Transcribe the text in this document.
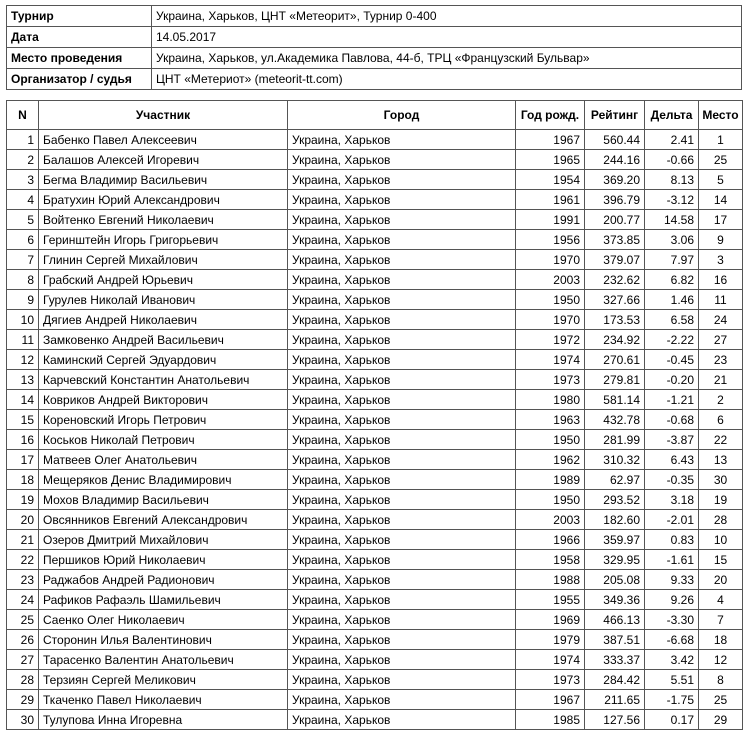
Турнир	Украина, Харьков, ЦНТ «Метеорит», Турнир 0-400
Дата	14.05.2017
Место проведения	Украина, Харьков, ул.Академика Павлова, 44-б, ТРЦ «Французский Бульвар»
Организатор / судья	ЦНТ «Метериот» (meteorit-tt.com)
N	Участник	Город	Год рожд.	Рейтинг	Дельта	Место
1	Бабенко Павел Алексеевич	Украина, Харьков	1967	560.44	2.41	1
2	Балашов Алексей Игоревич	Украина, Харьков	1965	244.16	-0.66	25
3	Бегма Владимир Васильевич	Украина, Харьков	1954	369.20	8.13	5
4	Братухин Юрий Александрович	Украина, Харьков	1961	396.79	-3.12	14
5	Войтенко Евгений Николаевич	Украина, Харьков	1991	200.77	14.58	17
6	Геринштейн Игорь Григорьевич	Украина, Харьков	1956	373.85	3.06	9
7	Глинин Сергей Михайлович	Украина, Харьков	1970	379.07	7.97	3
8	Грабский Андрей Юрьевич	Украина, Харьков	2003	232.62	6.82	16
9	Гурулев Николай Иванович	Украина, Харьков	1950	327.66	1.46	11
10	Дягиев Андрей Николаевич	Украина, Харьков	1970	173.53	6.58	24
11	Замковенко Андрей Васильевич	Украина, Харьков	1972	234.92	-2.22	27
12	Каминский Сергей Эдуардович	Украина, Харьков	1974	270.61	-0.45	23
13	Карчевский Константин Анатольевич	Украина, Харьков	1973	279.81	-0.20	21
14	Ковриков Андрей Викторович	Украина, Харьков	1980	581.14	-1.21	2
15	Кореновский Игорь Петрович	Украина, Харьков	1963	432.78	-0.68	6
16	Коськов Николай Петрович	Украина, Харьков	1950	281.99	-3.87	22
17	Матвеев Олег Анатольевич	Украина, Харьков	1962	310.32	6.43	13
18	Мещеряков Денис Владимирович	Украина, Харьков	1989	62.97	-0.35	30
19	Мохов Владимир Васильевич	Украина, Харьков	1950	293.52	3.18	19
20	Овсянников Евгений Александрович	Украина, Харьков	2003	182.60	-2.01	28
21	Озеров Дмитрий Михайлович	Украина, Харьков	1966	359.97	0.83	10
22	Першиков Юрий Николаевич	Украина, Харьков	1958	329.95	-1.61	15
23	Раджабов Андрей Радионович	Украина, Харьков	1988	205.08	9.33	20
24	Рафиков Рафаэль Шамильевич	Украина, Харьков	1955	349.36	9.26	4
25	Саенко Олег Николаевич	Украина, Харьков	1969	466.13	-3.30	7
26	Сторонин Илья Валентинович	Украина, Харьков	1979	387.51	-6.68	18
27	Тарасенко Валентин Анатольевич	Украина, Харьков	1974	333.37	3.42	12
28	Терзиян Сергей Меликович	Украина, Харьков	1973	284.42	5.51	8
29	Ткаченко Павел Николаевич	Украина, Харьков	1967	211.65	-1.75	25
30	Тулупова Инна Игоревна	Украина, Харьков	1985	127.56	0.17	29
